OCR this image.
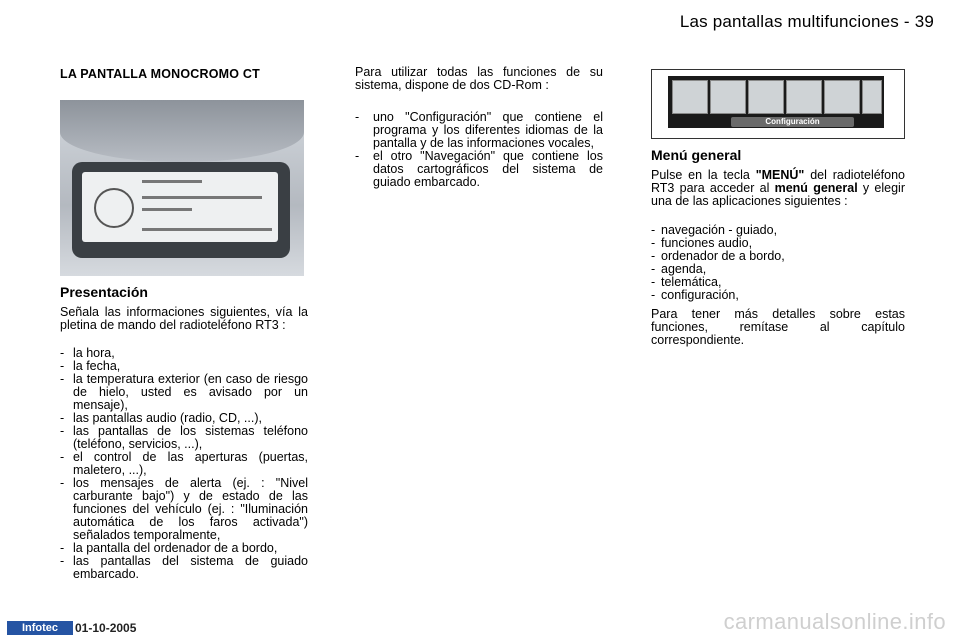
Las pantallas multifunciones - 39
LA PANTALLA MONOCROMO CT
Presentación
Señala las informaciones siguientes, vía la pletina de mando del radioteléfono RT3 :
- la hora,
- la fecha,
- la temperatura exterior (en caso de riesgo de hielo, usted es avisado por un mensaje),
- las pantallas audio (radio, CD, ...),
- las pantallas de los sistemas teléfono (teléfono, servicios, ...),
- el control de las aperturas (puertas, maletero, ...),
- los mensajes de alerta (ej. : "Nivel carburante bajo") y de estado de las funciones del vehículo (ej. : "Iluminación automática de los faros activada") señalados temporalmente,
- la pantalla del ordenador de a bordo,
- las pantallas del sistema de guiado embarcado.
Para utilizar todas las funciones de su sistema, dispone de dos CD-Rom :
- uno "Configuración" que contiene el programa y los diferentes idiomas de la pantalla y de las informaciones vocales,
- el otro "Navegación" que contiene los datos cartográficos del sistema de guiado embarcado.
Configuración
Menú general
Pulse en la tecla "MENÚ" del radioteléfono RT3 para acceder al menú general y elegir una de las aplicaciones siguientes :
- navegación - guiado,
- funciones audio,
- ordenador de a bordo,
- agenda,
- telemática,
- configuración,
Para tener más detalles sobre estas funciones, remítase al capítulo correspondiente.
Infotec	01-10-2005	carmanualsonline.info
